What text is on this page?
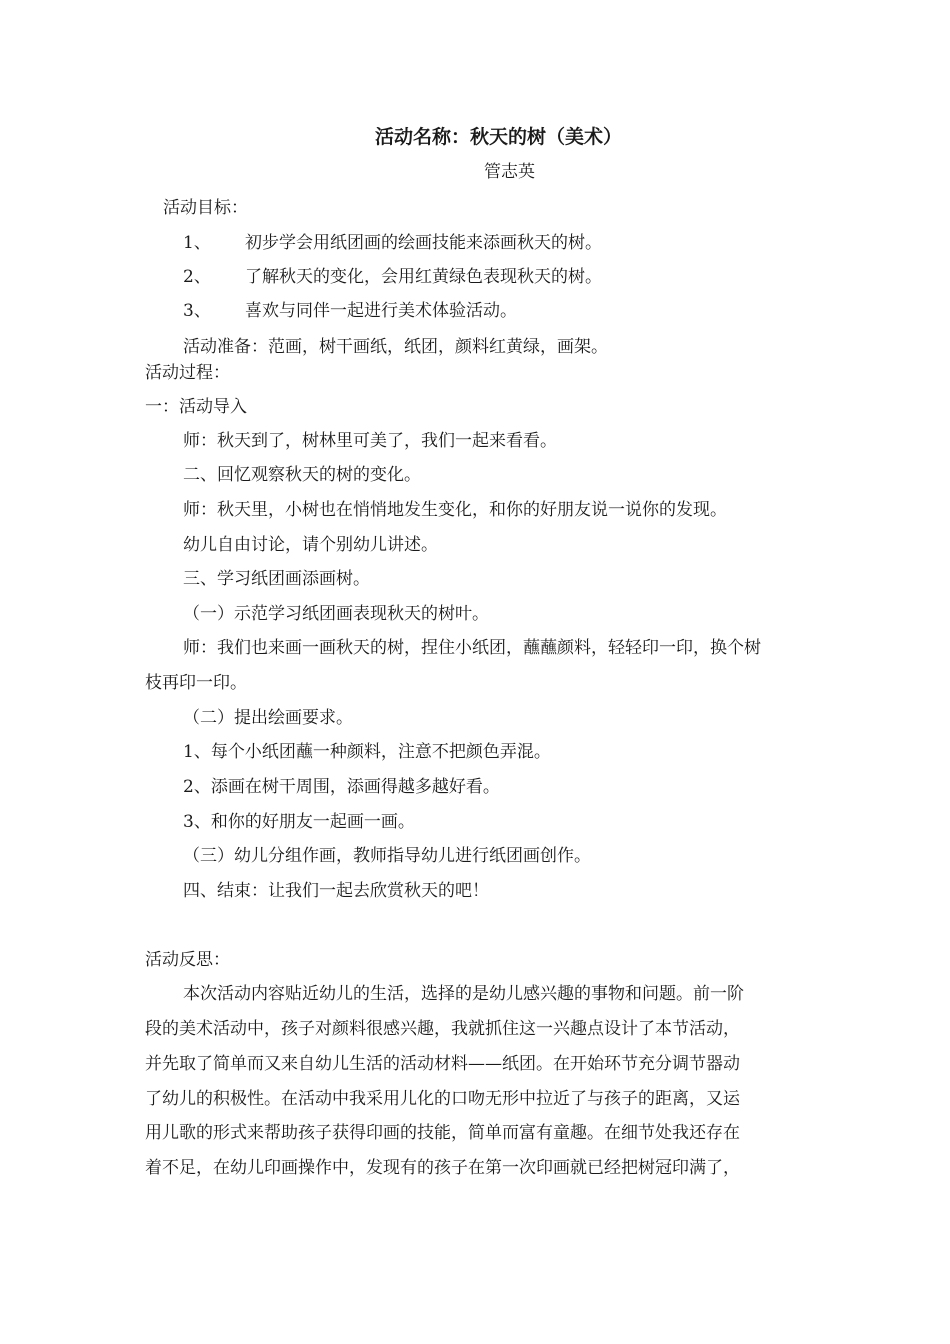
活动名称：秋天的树（美术）
管志英
活动目标：
1、 初步学会用纸团画的绘画技能来添画秋天的树。
2、 了解秋天的变化，会用红黄绿色表现秋天的树。
3、 喜欢与同伴一起进行美术体验活动。
活动准备：范画，树干画纸，纸团，颜料红黄绿，画架。
活动过程：
一：活动导入
师：秋天到了，树林里可美了，我们一起来看看。
二、回忆观察秋天的树的变化。
师：秋天里，小树也在悄悄地发生变化，和你的好朋友说一说你的发现。
幼儿自由讨论，请个别幼儿讲述。
三、学习纸团画添画树。
（一）示范学习纸团画表现秋天的树叶。
师：我们也来画一画秋天的树，捏住小纸团，蘸蘸颜料，轻轻印一印，换个树
枝再印一印。
（二）提出绘画要求。
1、每个小纸团蘸一种颜料，注意不把颜色弄混。
2、添画在树干周围，添画得越多越好看。
3、和你的好朋友一起画一画。
（三）幼儿分组作画，教师指导幼儿进行纸团画创作。
四、结束：让我们一起去欣赏秋天的吧！
活动反思：
本次活动内容贴近幼儿的生活，选择的是幼儿感兴趣的事物和问题。前一阶
段的美术活动中，孩子对颜料很感兴趣，我就抓住这一兴趣点设计了本节活动，
并先取了简单而又来自幼儿生活的活动材料——纸团。在开始环节充分调节器动
了幼儿的积极性。在活动中我采用儿化的口吻无形中拉近了与孩子的距离，又运
用儿歌的形式来帮助孩子获得印画的技能，简单而富有童趣。在细节处我还存在
着不足，在幼儿印画操作中，发现有的孩子在第一次印画就已经把树冠印满了，
